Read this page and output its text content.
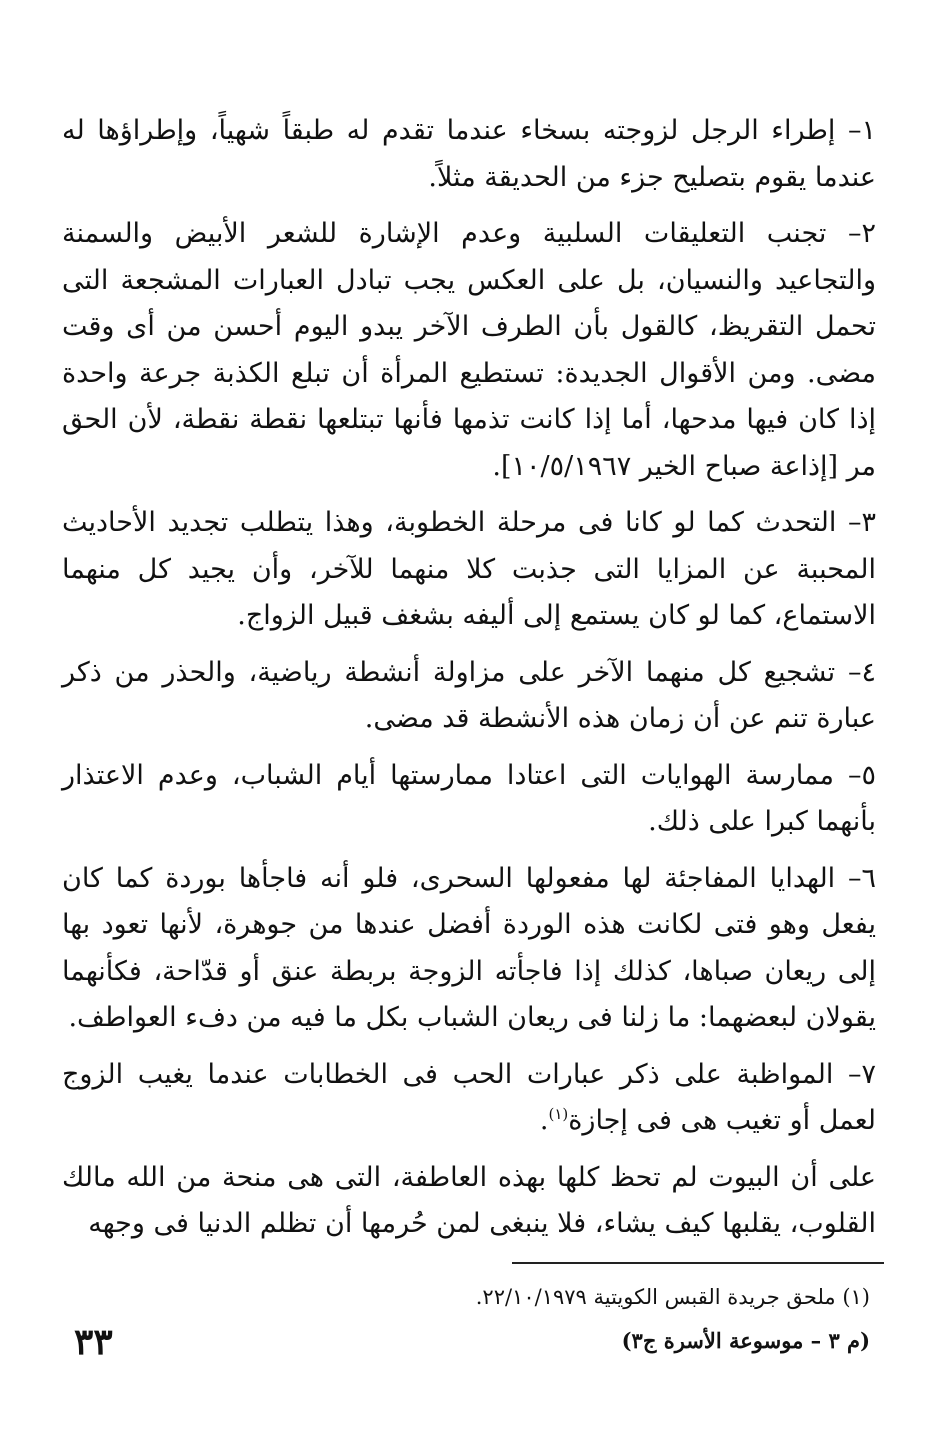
١– إطراء الرجل لزوجته بسخاء عندما تقدم له طبقاً شهياً، وإطراؤها له عندما يقوم بتصليح جزء من الحديقة مثلاً.

٢– تجنب التعليقات السلبية وعدم الإشارة للشعر الأبيض والسمنة والتجاعيد والنسيان، بل على العكس يجب تبادل العبارات المشجعة التى تحمل التقريظ، كالقول بأن الطرف الآخر يبدو اليوم أحسن من أى وقت مضى. ومن الأقوال الجديدة: تستطيع المرأة أن تبلع الكذبة جرعة واحدة إذا كان فيها مدحها، أما إذا كانت تذمها فأنها تبتلعها نقطة نقطة، لأن الحق مر [إذاعة صباح الخير ١٠/٥/١٩٦٧].

٣– التحدث كما لو كانا فى مرحلة الخطوبة، وهذا يتطلب تجديد الأحاديث المحببة عن المزايا التى جذبت كلا منهما للآخر، وأن يجيد كل منهما الاستماع، كما لو كان يستمع إلى أليفه بشغف قبيل الزواج.

٤– تشجيع كل منهما الآخر على مزاولة أنشطة رياضية، والحذر من ذكر عبارة تنم عن أن زمان هذه الأنشطة قد مضى.

٥– ممارسة الهوايات التى اعتادا ممارستها أيام الشباب، وعدم الاعتذار بأنهما كبرا على ذلك.

٦– الهدايا المفاجئة لها مفعولها السحرى، فلو أنه فاجأها بوردة كما كان يفعل وهو فتى لكانت هذه الوردة أفضل عندها من جوهرة، لأنها تعود بها إلى ريعان صباها، كذلك إذا فاجأته الزوجة بربطة عنق أو قدّاحة، فكأنهما يقولان لبعضهما: ما زلنا فى ريعان الشباب بكل ما فيه من دفء العواطف.

٧– المواظبة على ذكر عبارات الحب فى الخطابات عندما يغيب الزوج لعمل أو تغيب هى فى إجازة$^{(١)}$.

على أن البيوت لم تحظ كلها بهذه العاطفة، التى هى منحة من الله مالك القلوب، يقلبها كيف يشاء، فلا ينبغى لمن حُرمها أن تظلم الدنيا فى وجهه

(١) ملحق جريدة القبس الكويتية ٢٢/١٠/١٩٧٩.
(م ٣ – موسوعة الأسرة ج٣)
٣٣
